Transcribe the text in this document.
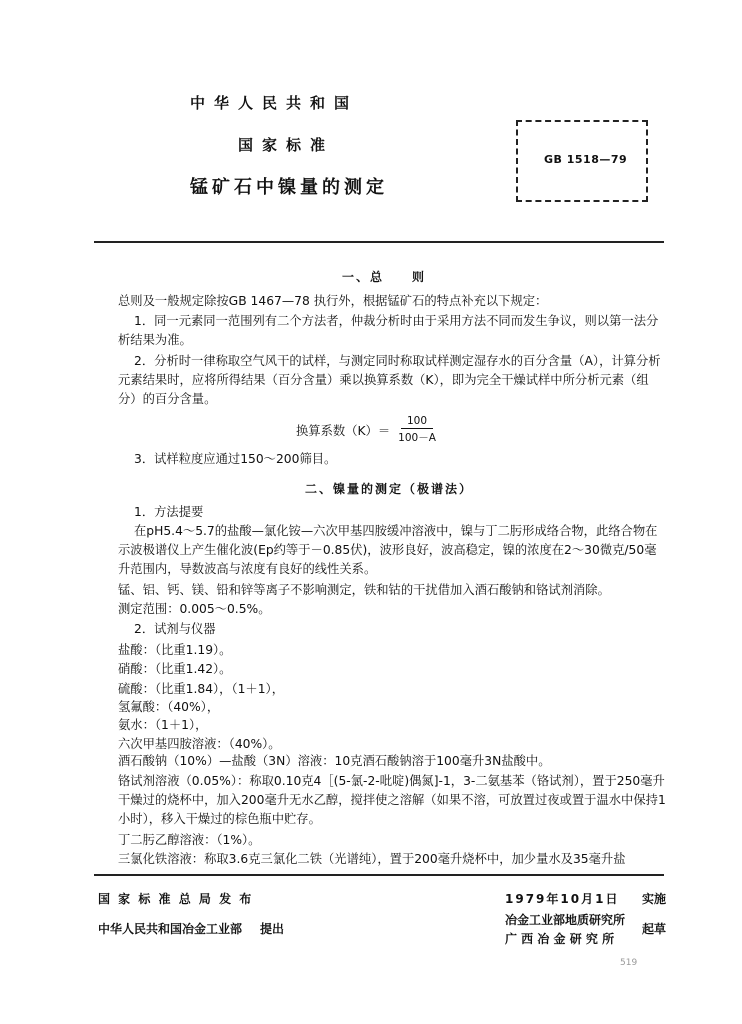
中华人民共和国
国家标准
锰矿石中镍量的测定
GB 1518—79
一、总　　则
总则及一般规定除按GB 1467—78 执行外，根据锰矿石的特点补充以下规定：
1．同一元素同一范围列有二个方法者，仲裁分析时由于采用方法不同而发生争议，则以第一法分析结果为准。
2．分析时一律称取空气风干的试样，与测定同时称取试样测定湿存水的百分含量（A），计算分析元素结果时，应将所得结果（百分含量）乘以换算系数（K），即为完全干燥试样中所分析元素（组分）的百分含量。
换算系数$(K)= \frac{100}{100-A}$
3．试样粒度应通过150～200筛目。
二、镍量的测定（极谱法）
1．方法提要
在pH5.4～5.7的盐酸—氯化铵—六次甲基四胺缓冲溶液中，镍与丁二肟形成络合物，此络合物在示波极谱仪上产生催化波(Ep约等于－0.85伏)，波形良好，波高稳定，镍的浓度在2～30微克/50毫升范围内，导数波高与浓度有良好的线性关系。
锰、铝、钙、镁、铅和锌等离子不影响测定，铁和钴的干扰借加入酒石酸钠和铬试剂消除。
测定范围：0.005～0.5%。
2．试剂与仪器
盐酸：（比重1.19）。
硝酸：（比重1.42）。
硫酸：（比重1.84），（1＋1），
氢氟酸：（40%），
氨水：（1＋1），
六次甲基四胺溶液：（40%）。
酒石酸钠（10%）—盐酸（3N）溶液：10克酒石酸钠溶于100毫升3N盐酸中。
铬试剂溶液（0.05%）：称取0.10克4［(5-氯-2-吡啶)偶氮]-1，3-二氨基苯（铬试剂），置于250毫升干燥过的烧杯中，加入200毫升无水乙醇，搅拌使之溶解（如果不溶，可放置过夜或置于温水中保持1小时），移入干燥过的棕色瓶中贮存。
丁二肟乙醇溶液：（1%）。
三氯化铁溶液：称取3.6克三氯化二铁（光谱纯），置于200毫升烧杯中，加少量水及35毫升盐
国 家 标 准 总 局 发 布
中华人民共和国冶金工业部 提出
1979年10月1日 实施
冶金工业部地质研究所
广 西 冶 金 研 究 所
起草
519
